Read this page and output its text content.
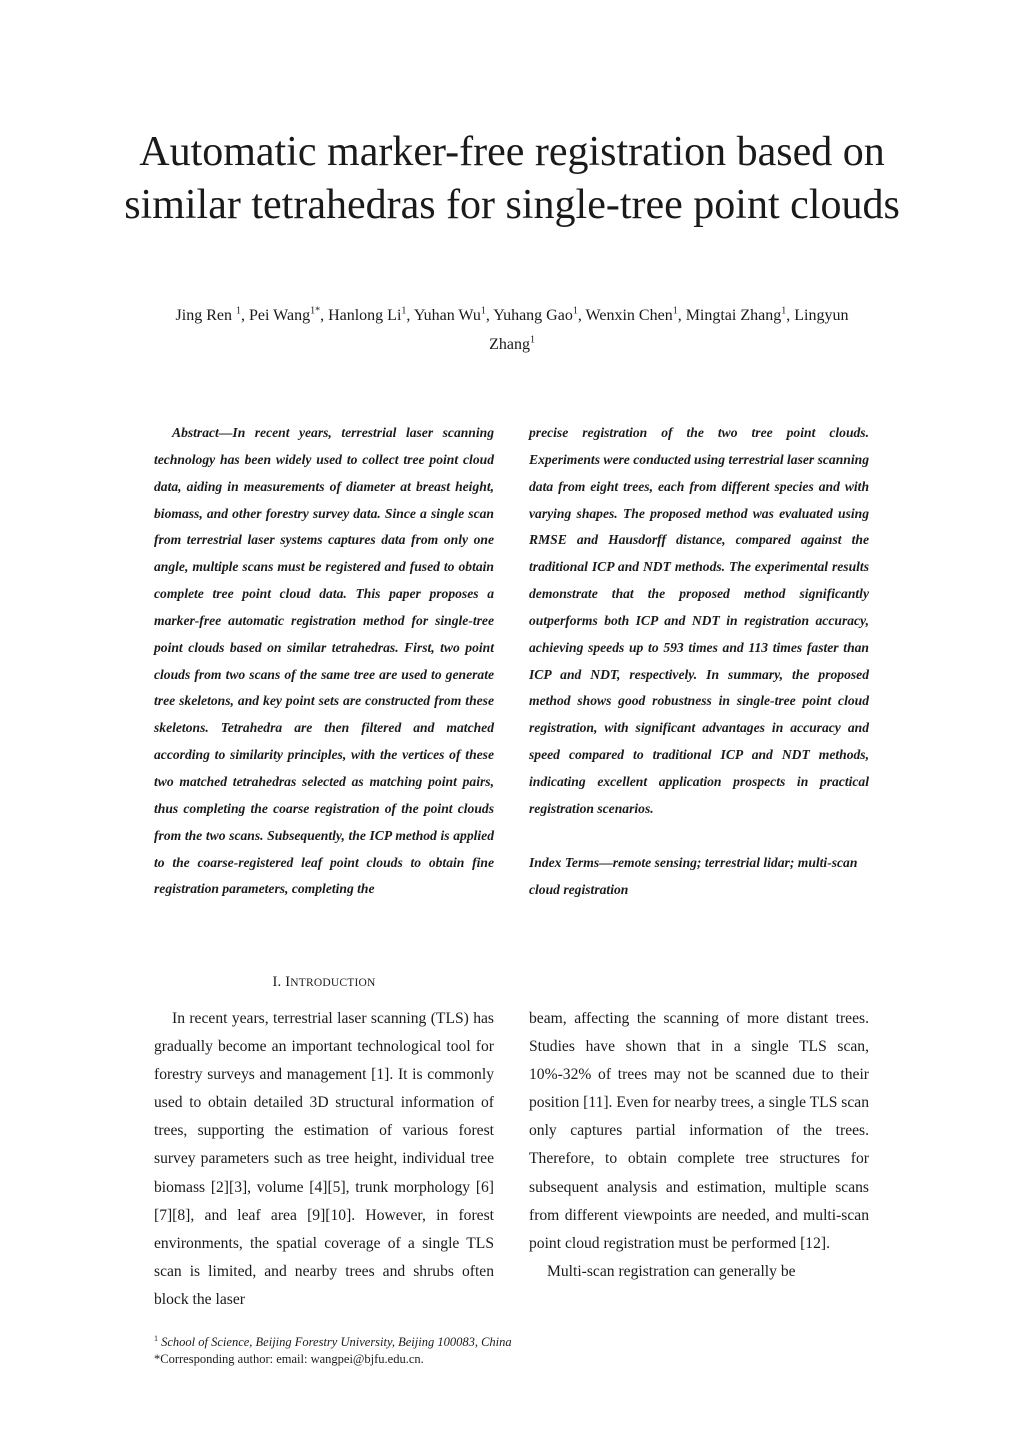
Automatic marker-free registration based on similar tetrahedras for single-tree point clouds
Jing Ren $^1$, Pei Wang$^{1*}$, Hanlong Li$^1$, Yuhan Wu$^1$, Yuhang Gao$^1$, Wenxin Chen$^1$, Mingtai Zhang$^1$, Lingyun Zhang$^1$

Abstract—In recent years, terrestrial laser scanning technology has been widely used to collect tree point cloud data, aiding in measurements of diameter at breast height, biomass, and other forestry survey data. Since a single scan from terrestrial laser systems captures data from only one angle, multiple scans must be registered and fused to obtain complete tree point cloud data. This paper proposes a marker-free automatic registration method for single-tree point clouds based on similar tetrahedras. First, two point clouds from two scans of the same tree are used to generate tree skeletons, and key point sets are constructed from these skeletons. Tetrahedra are then filtered and matched according to similarity principles, with the vertices of these two matched tetrahedras selected as matching point pairs, thus completing the coarse registration of the point clouds from the two scans. Subsequently, the ICP method is applied to the coarse-registered leaf point clouds to obtain fine registration parameters, completing the

precise registration of the two tree point clouds. Experiments were conducted using terrestrial laser scanning data from eight trees, each from different species and with varying shapes. The proposed method was evaluated using RMSE and Hausdorff distance, compared against the traditional ICP and NDT methods. The experimental results demonstrate that the proposed method significantly outperforms both ICP and NDT in registration accuracy, achieving speeds up to 593 times and 113 times faster than ICP and NDT, respectively. In summary, the proposed method shows good robustness in single-tree point cloud registration, with significant advantages in accuracy and speed compared to traditional ICP and NDT methods, indicating excellent application prospects in practical registration scenarios.

Index Terms—remote sensing; terrestrial lidar; multi-scan cloud registration

I. INTRODUCTION

In recent years, terrestrial laser scanning (TLS) has gradually become an important technological tool for forestry surveys and management [1]. It is commonly used to obtain detailed 3D structural information of trees, supporting the estimation of various forest survey parameters such as tree height, individual tree biomass [2][3], volume [4][5], trunk morphology [6][7][8], and leaf area [9][10]. However, in forest environments, the spatial coverage of a single TLS scan is limited, and nearby trees and shrubs often block the laser

beam, affecting the scanning of more distant trees. Studies have shown that in a single TLS scan, 10%-32% of trees may not be scanned due to their position [11]. Even for nearby trees, a single TLS scan only captures partial information of the trees. Therefore, to obtain complete tree structures for subsequent analysis and estimation, multiple scans from different viewpoints are needed, and multi-scan point cloud registration must be performed [12].

Multi-scan registration can generally be

$^1$ School of Science, Beijing Forestry University, Beijing 100083, China
*Corresponding author: email: wangpei@bjfu.edu.cn.
